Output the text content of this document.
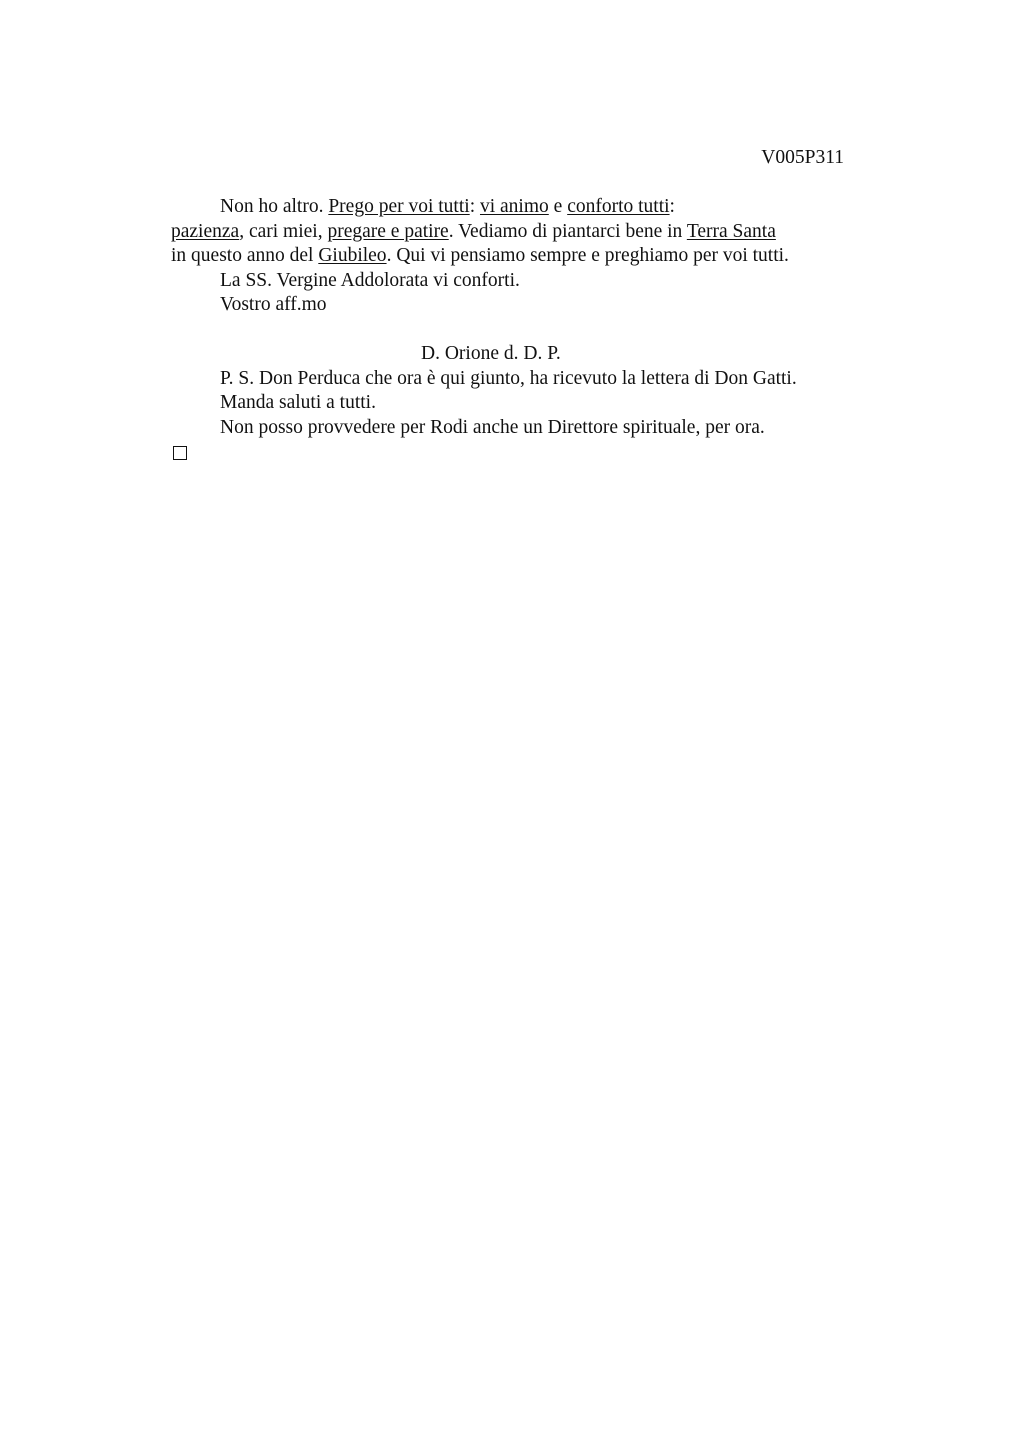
V005P311
Non ho altro. Prego per voi tutti: vi animo e conforto tutti:
pazienza, cari miei, pregare e patire. Vediamo di piantarci bene in Terra Santa
in questo anno del Giubileo. Qui vi pensiamo sempre e preghiamo per voi tutti.
La SS. Vergine Addolorata vi conforti.
Vostro aff.mo
D. Orione d. D. P.
P. S. Don Perduca che ora è qui giunto, ha ricevuto la lettera di Don Gatti.
Manda saluti a tutti.
Non posso provvedere per Rodi anche un Direttore spirituale, per ora.
